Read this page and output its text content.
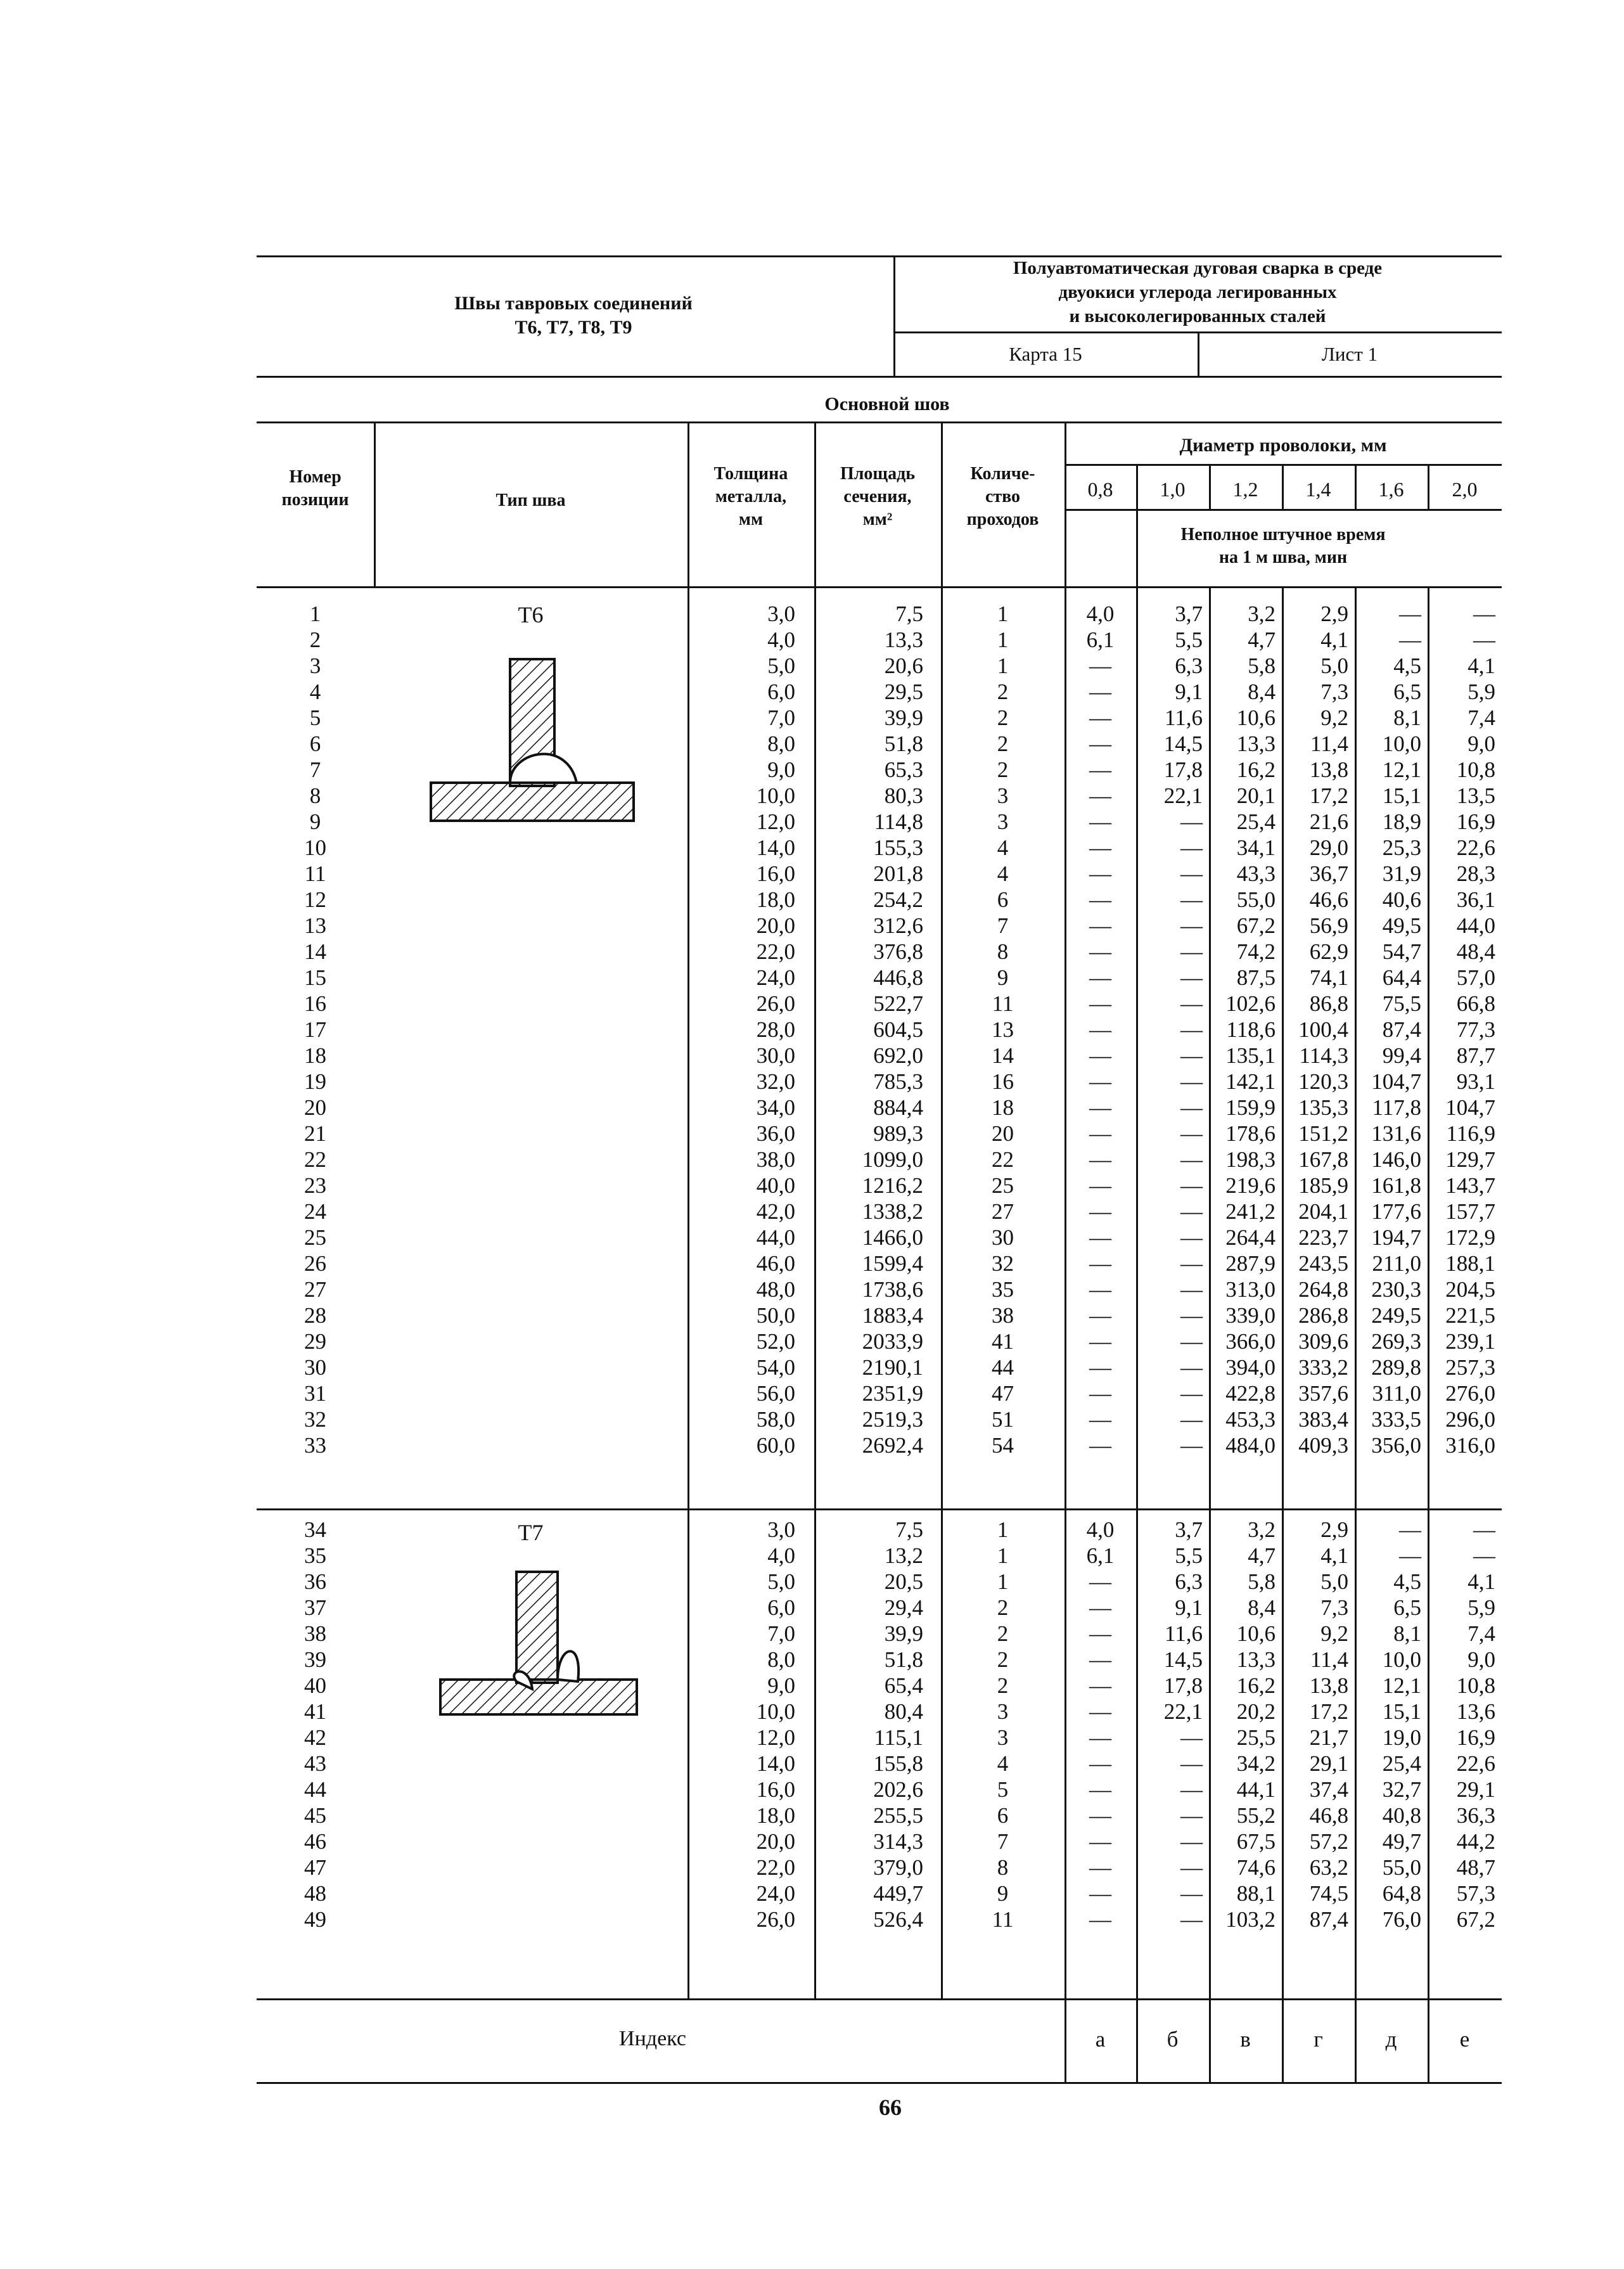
Швы тавровых соединений
Т6, Т7, Т8, Т9
Полуавтоматическая дуговая сварка в среде
двуокиси углерода легированных
и высоколегированных сталей
Карта 15	Лист 1
Основной шов
Номер
позиции	Тип шва
Толщина
металла,
мм
Площадь
сечения,
мм²
Количе-
ство
проходов
Диаметр проволоки, мм
Неполное штучное время
на 1 м шва, мин
0,8	1,0	1,2	1,4	1,6	2,0
Т6
Т7
1	3,0	7,5	1	4,0	3,7	3,2	2,9	—	—
2	4,0	13,3	1	6,1	5,5	4,7	4,1	—	—
3	5,0	20,6	1	—	6,3	5,8	5,0	4,5	4,1
4	6,0	29,5	2	—	9,1	8,4	7,3	6,5	5,9
5	7,0	39,9	2	—	11,6	10,6	9,2	8,1	7,4
6	8,0	51,8	2	—	14,5	13,3	11,4	10,0	9,0
7	9,0	65,3	2	—	17,8	16,2	13,8	12,1	10,8
8	10,0	80,3	3	—	22,1	20,1	17,2	15,1	13,5
9	12,0	114,8	3	—	—	25,4	21,6	18,9	16,9
10	14,0	155,3	4	—	—	34,1	29,0	25,3	22,6
11	16,0	201,8	4	—	—	43,3	36,7	31,9	28,3
12	18,0	254,2	6	—	—	55,0	46,6	40,6	36,1
13	20,0	312,6	7	—	—	67,2	56,9	49,5	44,0
14	22,0	376,8	8	—	—	74,2	62,9	54,7	48,4
15	24,0	446,8	9	—	—	87,5	74,1	64,4	57,0
16	26,0	522,7	11	—	—	102,6	86,8	75,5	66,8
17	28,0	604,5	13	—	—	118,6	100,4	87,4	77,3
18	30,0	692,0	14	—	—	135,1	114,3	99,4	87,7
19	32,0	785,3	16	—	—	142,1	120,3	104,7	93,1
20	34,0	884,4	18	—	—	159,9	135,3	117,8	104,7
21	36,0	989,3	20	—	—	178,6	151,2	131,6	116,9
22	38,0	1099,0	22	—	—	198,3	167,8	146,0	129,7
23	40,0	1216,2	25	—	—	219,6	185,9	161,8	143,7
24	42,0	1338,2	27	—	—	241,2	204,1	177,6	157,7
25	44,0	1466,0	30	—	—	264,4	223,7	194,7	172,9
26	46,0	1599,4	32	—	—	287,9	243,5	211,0	188,1
27	48,0	1738,6	35	—	—	313,0	264,8	230,3	204,5
28	50,0	1883,4	38	—	—	339,0	286,8	249,5	221,5
29	52,0	2033,9	41	—	—	366,0	309,6	269,3	239,1
30	54,0	2190,1	44	—	—	394,0	333,2	289,8	257,3
31	56,0	2351,9	47	—	—	422,8	357,6	311,0	276,0
32	58,0	2519,3	51	—	—	453,3	383,4	333,5	296,0
33	60,0	2692,4	54	—	—	484,0	409,3	356,0	316,0
34	3,0	7,5	1	4,0	3,7	3,2	2,9	—	—
35	4,0	13,2	1	6,1	5,5	4,7	4,1	—	—
36	5,0	20,5	1	—	6,3	5,8	5,0	4,5	4,1
37	6,0	29,4	2	—	9,1	8,4	7,3	6,5	5,9
38	7,0	39,9	2	—	11,6	10,6	9,2	8,1	7,4
39	8,0	51,8	2	—	14,5	13,3	11,4	10,0	9,0
40	9,0	65,4	2	—	17,8	16,2	13,8	12,1	10,8
41	10,0	80,4	3	—	22,1	20,2	17,2	15,1	13,6
42	12,0	115,1	3	—	—	25,5	21,7	19,0	16,9
43	14,0	155,8	4	—	—	34,2	29,1	25,4	22,6
44	16,0	202,6	5	—	—	44,1	37,4	32,7	29,1
45	18,0	255,5	6	—	—	55,2	46,8	40,8	36,3
46	20,0	314,3	7	—	—	67,5	57,2	49,7	44,2
47	22,0	379,0	8	—	—	74,6	63,2	55,0	48,7
48	24,0	449,7	9	—	—	88,1	74,5	64,8	57,3
49	26,0	526,4	11	—	—	103,2	87,4	76,0	67,2
Индекс	а	б	в	г	д	е
66
